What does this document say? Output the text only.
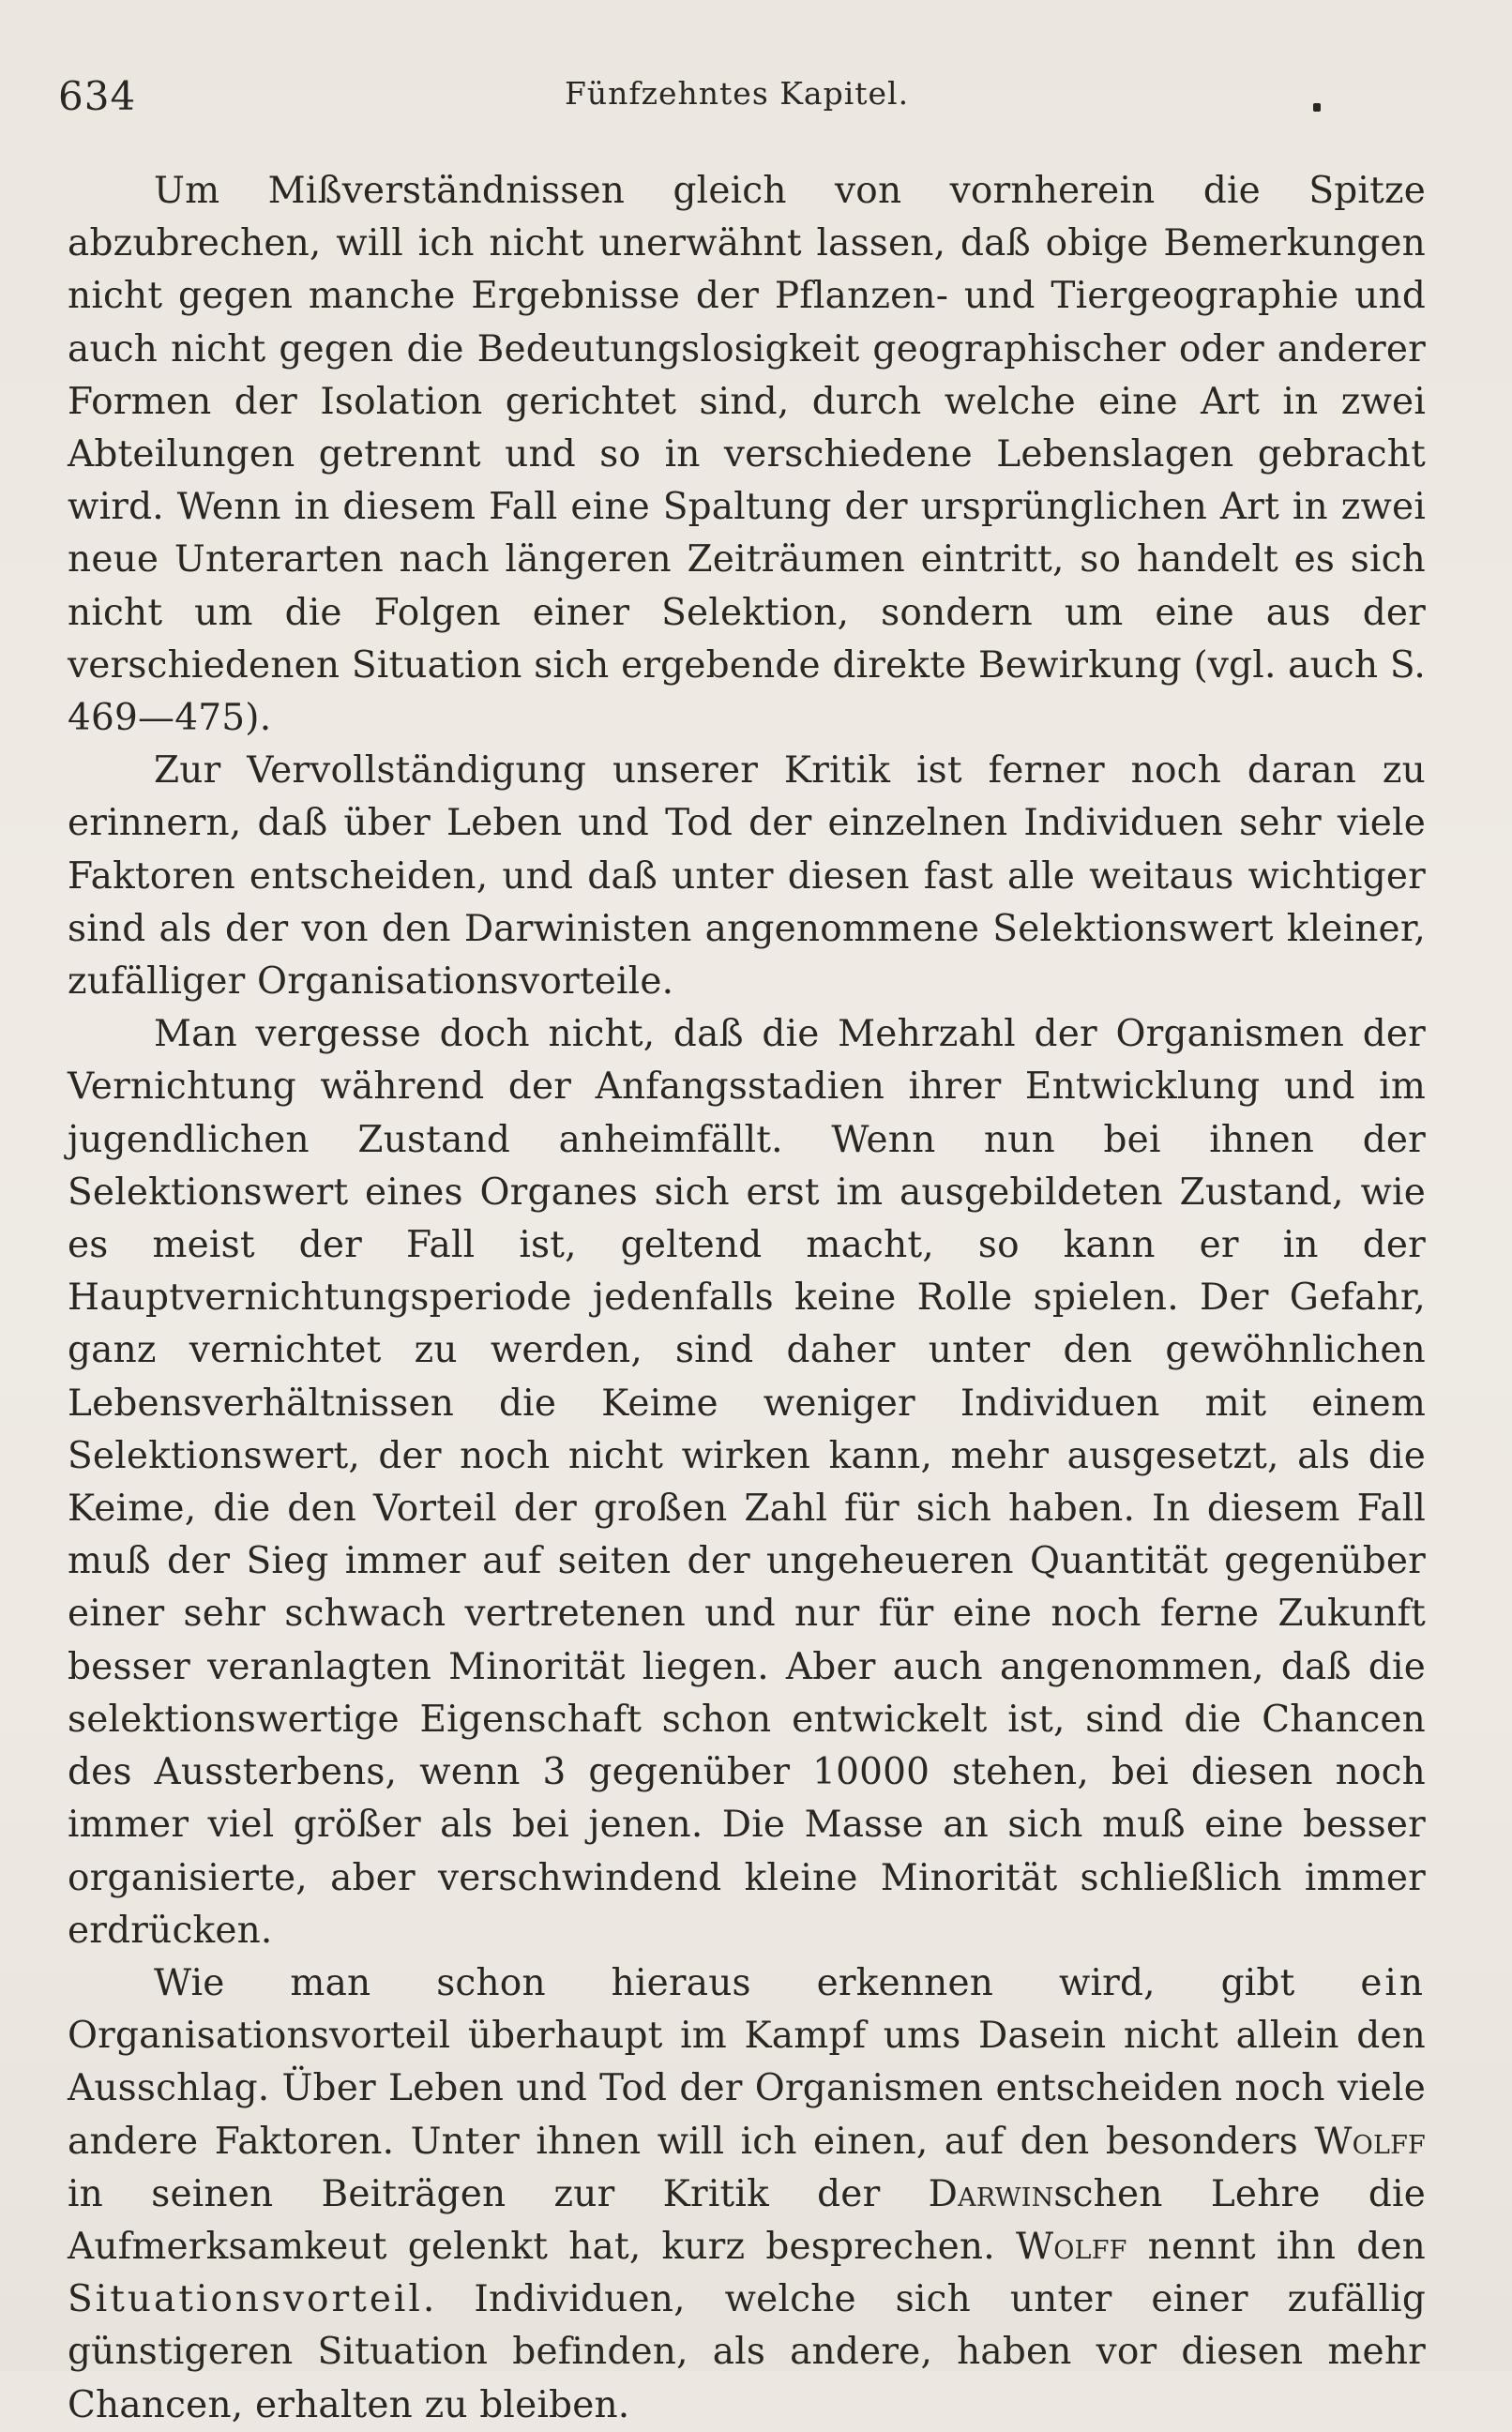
634	Fünfzehntes Kapitel.

Um Mißverständnissen gleich von vornherein die Spitze abzubrechen, will ich nicht unerwähnt lassen, daß obige Bemerkungen nicht gegen manche Ergebnisse der Pflanzen- und Tiergeographie und auch nicht gegen die Bedeutungslosigkeit geographischer oder anderer Formen der Isolation gerichtet sind, durch welche eine Art in zwei Abteilungen getrennt und so in verschiedene Lebenslagen gebracht wird. Wenn in diesem Fall eine Spaltung der ursprünglichen Art in zwei neue Unterarten nach längeren Zeiträumen eintritt, so handelt es sich nicht um die Folgen einer Selektion, sondern um eine aus der verschiedenen Situation sich ergebende direkte Bewirkung (vgl. auch S. 469—475).

Zur Vervollständigung unserer Kritik ist ferner noch daran zu erinnern, daß über Leben und Tod der einzelnen Individuen sehr viele Faktoren entscheiden, und daß unter diesen fast alle weitaus wichtiger sind als der von den Darwinisten angenommene Selektionswert kleiner, zufälliger Organisationsvorteile.

Man vergesse doch nicht, daß die Mehrzahl der Organismen der Vernichtung während der Anfangsstadien ihrer Entwicklung und im jugendlichen Zustand anheimfällt. Wenn nun bei ihnen der Selektionswert eines Organes sich erst im ausgebildeten Zustand, wie es meist der Fall ist, geltend macht, so kann er in der Hauptvernichtungsperiode jedenfalls keine Rolle spielen. Der Gefahr, ganz vernichtet zu werden, sind daher unter den gewöhnlichen Lebensverhältnissen die Keime weniger Individuen mit einem Selektionswert, der noch nicht wirken kann, mehr ausgesetzt, als die Keime, die den Vorteil der großen Zahl für sich haben. In diesem Fall muß der Sieg immer auf seiten der ungeheueren Quantität gegenüber einer sehr schwach vertretenen und nur für eine noch ferne Zukunft besser veranlagten Minorität liegen. Aber auch angenommen, daß die selektionswertige Eigenschaft schon entwickelt ist, sind die Chancen des Aussterbens, wenn 3 gegenüber 10000 stehen, bei diesen noch immer viel größer als bei jenen. Die Masse an sich muß eine besser organisierte, aber verschwindend kleine Minorität schließlich immer erdrücken.

Wie man schon hieraus erkennen wird, gibt ein Organisationsvorteil überhaupt im Kampf ums Dasein nicht allein den Ausschlag. Über Leben und Tod der Organismen entscheiden noch viele andere Faktoren. Unter ihnen will ich einen, auf den besonders Wolff in seinen Beiträgen zur Kritik der Darwinschen Lehre die Aufmerksamkeut gelenkt hat, kurz besprechen. Wolff nennt ihn den Situationsvorteil. Individuen, welche sich unter einer zufällig günstigeren Situation befinden, als andere, haben vor diesen mehr Chancen, erhalten zu bleiben.
